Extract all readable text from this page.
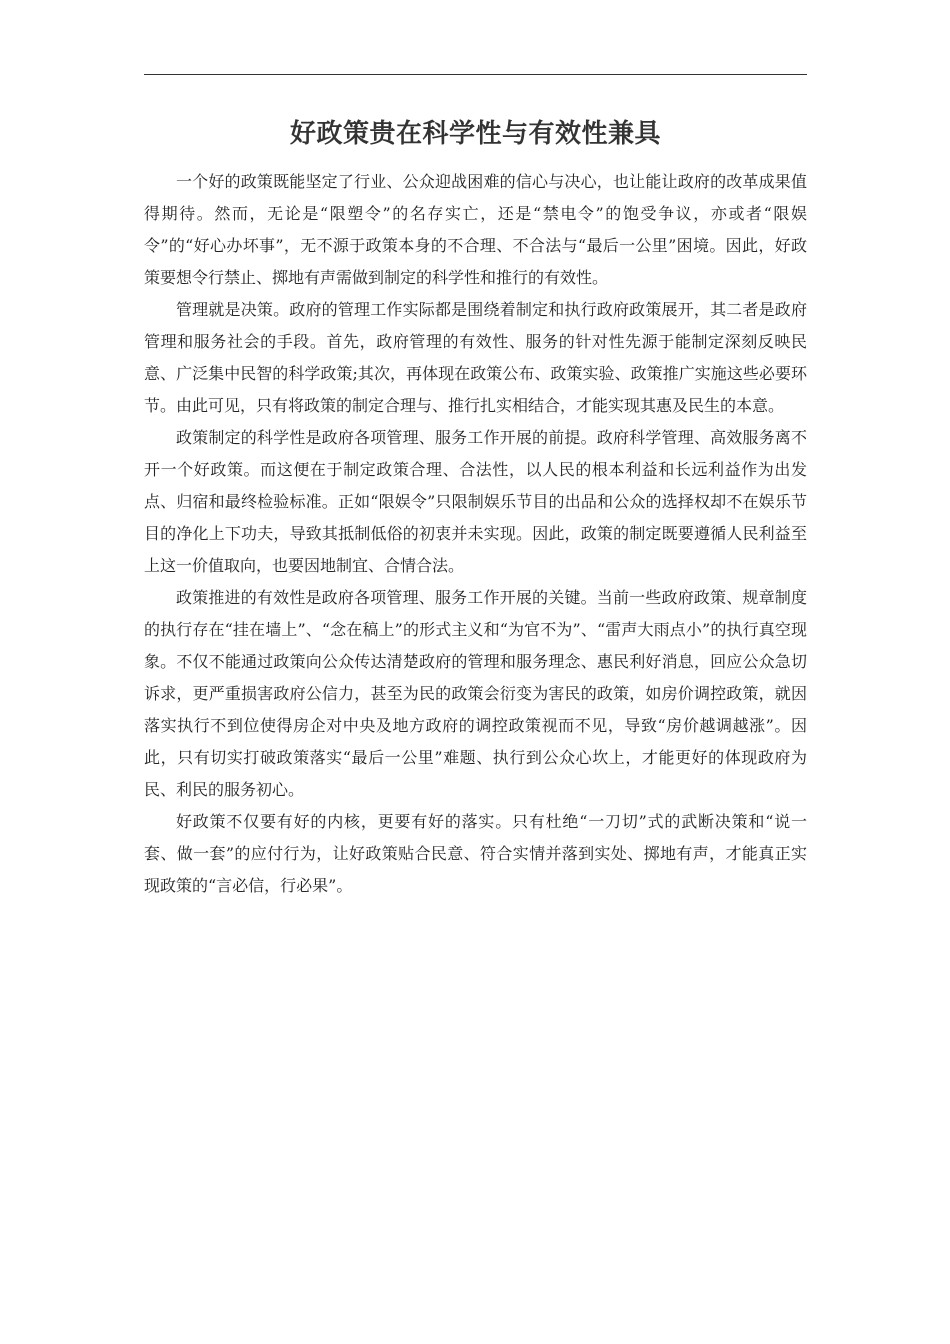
好政策贵在科学性与有效性兼具

一个好的政策既能坚定了行业、公众迎战困难的信心与决心，也让能让政府的改革成果值得期待。然而，无论是“限塑令”的名存实亡，还是“禁电令”的饱受争议，亦或者“限娱令”的“好心办坏事”，无不源于政策本身的不合理、不合法与“最后一公里”困境。因此，好政策要想令行禁止、掷地有声需做到制定的科学性和推行的有效性。

管理就是决策。政府的管理工作实际都是围绕着制定和执行政府政策展开，其二者是政府管理和服务社会的手段。首先，政府管理的有效性、服务的针对性先源于能制定深刻反映民意、广泛集中民智的科学政策;其次，再体现在政策公布、政策实验、政策推广实施这些必要环节。由此可见，只有将政策的制定合理与、推行扎实相结合，才能实现其惠及民生的本意。

政策制定的科学性是政府各项管理、服务工作开展的前提。政府科学管理、高效服务离不开一个好政策。而这便在于制定政策合理、合法性，以人民的根本利益和长远利益作为出发点、归宿和最终检验标准。正如“限娱令”只限制娱乐节目的出品和公众的选择权却不在娱乐节目的净化上下功夫，导致其抵制低俗的初衷并未实现。因此，政策的制定既要遵循人民利益至上这一价值取向，也要因地制宜、合情合法。

政策推进的有效性是政府各项管理、服务工作开展的关键。当前一些政府政策、规章制度的执行存在“挂在墙上”、“念在稿上”的形式主义和“为官不为”、“雷声大雨点小”的执行真空现象。不仅不能通过政策向公众传达清楚政府的管理和服务理念、惠民利好消息，回应公众急切诉求，更严重损害政府公信力，甚至为民的政策会衍变为害民的政策，如房价调控政策，就因落实执行不到位使得房企对中央及地方政府的调控政策视而不见，导致“房价越调越涨”。因此，只有切实打破政策落实“最后一公里”难题、执行到公众心坎上，才能更好的体现政府为民、利民的服务初心。

好政策不仅要有好的内核，更要有好的落实。只有杜绝“一刀切”式的武断决策和“说一套、做一套”的应付行为，让好政策贴合民意、符合实情并落到实处、掷地有声，才能真正实现政策的“言必信，行必果”。
